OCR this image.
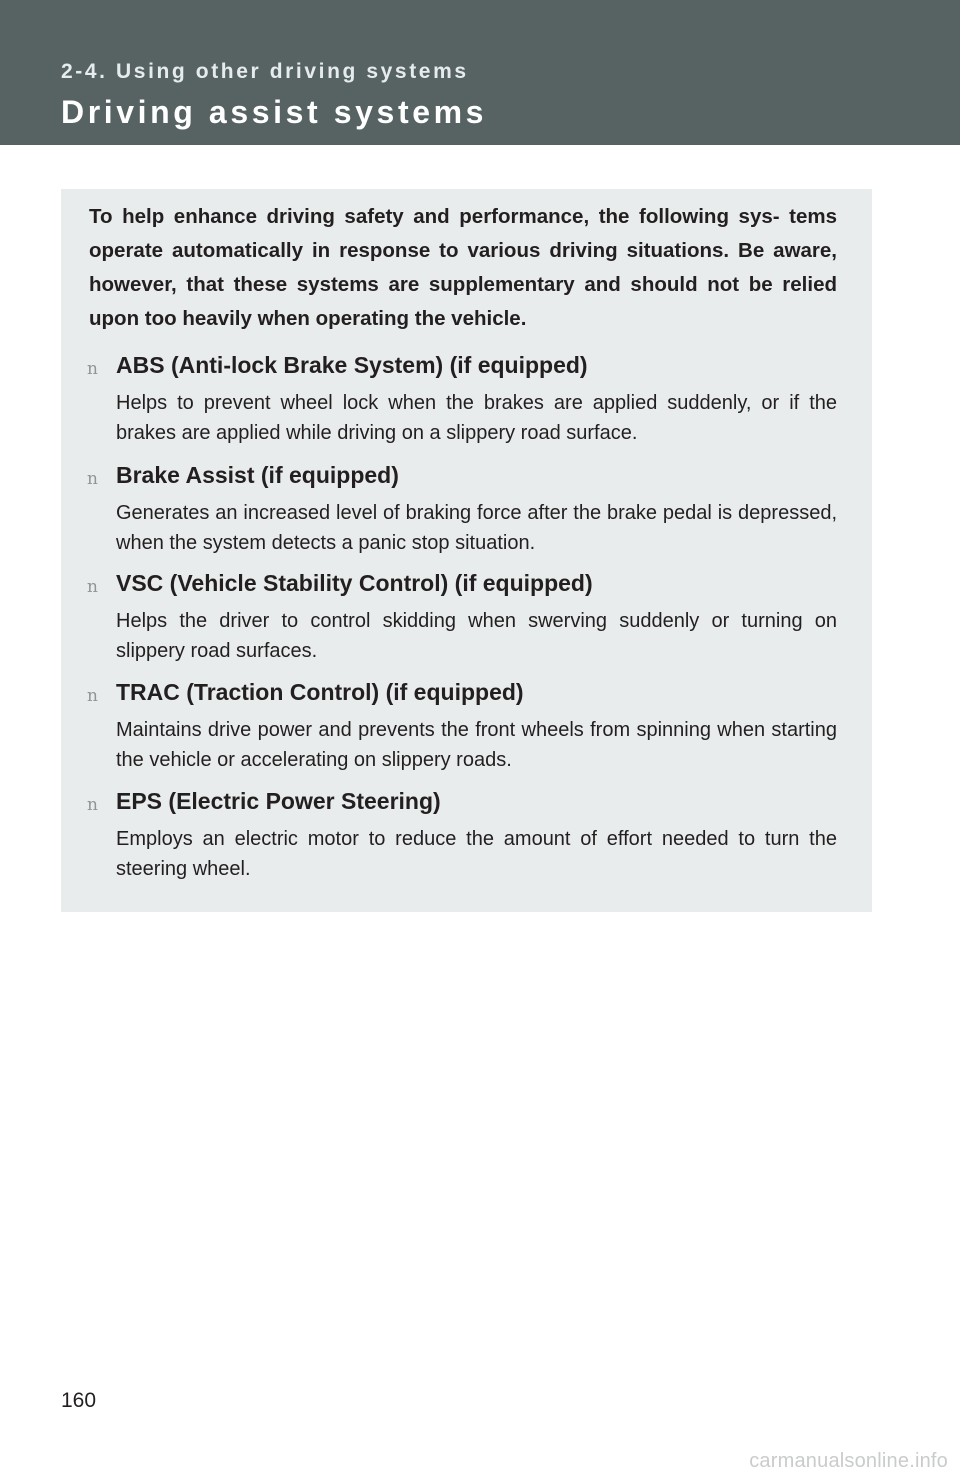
2-4. Using other driving systems

Driving assist systems

To help enhance driving safety and performance, the following sys- tems operate automatically in response to various driving situations. Be aware, however, that these systems are supplementary and should not be relied upon too heavily when operating the vehicle.

n ABS (Anti-lock Brake System) (if equipped)

Helps to prevent wheel lock when the brakes are applied suddenly, or if the brakes are applied while driving on a slippery road surface.

n Brake Assist (if equipped)

Generates an increased level of braking force after the brake pedal is depressed, when the system detects a panic stop situation.

n VSC (Vehicle Stability Control) (if equipped)

Helps the driver to control skidding when swerving suddenly or turning on slippery road surfaces.

n TRAC (Traction Control) (if equipped)

Maintains drive power and prevents the front wheels from spinning when starting the vehicle or accelerating on slippery roads.

n EPS (Electric Power Steering)

Employs an electric motor to reduce the amount of effort needed to turn the steering wheel.

160
carmanualsonline.info
